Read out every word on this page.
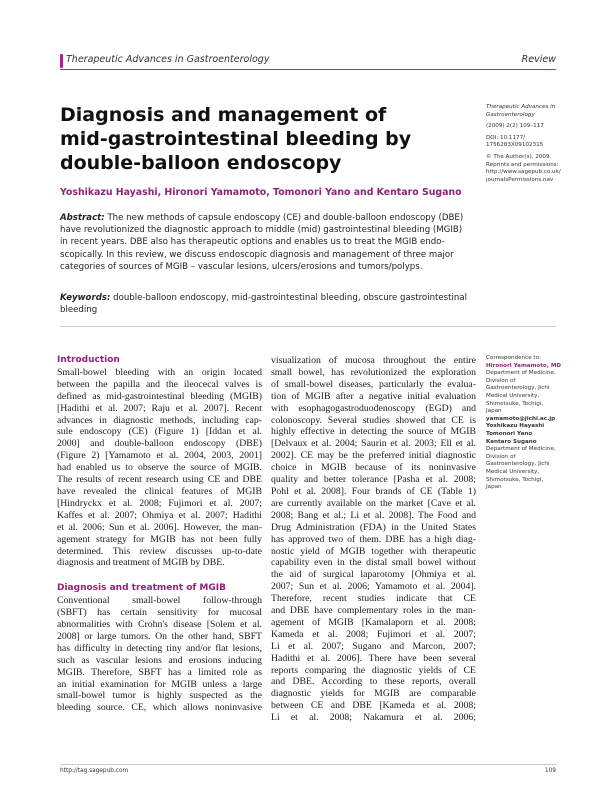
Therapeutic Advances in Gastroenterology	Review
Diagnosis and management of
mid-gastrointestinal bleeding by
double-balloon endoscopy
Therapeutic Advances in
Gastroenterology
(2009) 2(2) 109–117
DOI: 10.1177/
1756283X09102315
© The Author(s), 2009.
Reprints and permissions:
http://www.sagepub.co.uk/
journalsPermissions.nav
Yoshikazu Hayashi, Hironori Yamamoto, Tomonori Yano and Kentaro Sugano
Abstract: The new methods of capsule endoscopy (CE) and double-balloon endoscopy (DBE)
have revolutionized the diagnostic approach to middle (mid) gastrointestinal bleeding (MGIB)
in recent years. DBE also has therapeutic options and enables us to treat the MGIB endo-
scopically. In this review, we discuss endoscopic diagnosis and management of three major
categories of sources of MGIB – vascular lesions, ulcers/erosions and tumors/polyps.
Keywords: double-balloon endoscopy, mid-gastrointestinal bleeding, obscure gastrointestinal
bleeding
Introduction
Small-bowel bleeding with an origin located
between the papilla and the ileocecal valves is
defined as mid-gastrointestinal bleeding (MGIB)
[Hadithi et al. 2007; Raju et al. 2007]. Recent
advances in diagnostic methods, including cap-
sule endoscopy (CE) (Figure 1) [Iddan et al.
2000] and double-balloon endoscopy (DBE)
(Figure 2) [Yamamoto et al. 2004, 2003, 2001]
had enabled us to observe the source of MGIB.
The results of recent research using CE and DBE
have revealed the clinical features of MGIB
[Hindryckx et al. 2008; Fujimori et al. 2007;
Kaffes et al. 2007; Ohmiya et al. 2007; Hadithi
et al. 2006; Sun et al. 2006]. However, the man-
agement strategy for MGIB has not been fully
determined. This review discusses up-to-date
diagnosis and treatment of MGIB by DBE.
Diagnosis and treatment of MGIB
Conventional small-bowel follow-through
(SBFT) has certain sensitivity for mucosal
abnormalities with Crohn's disease [Solem et al.
2008] or large tumors. On the other hand, SBFT
has difficulty in detecting tiny and/or flat lesions,
such as vascular lesions and erosions inducing
MGIB. Therefore, SBFT has a limited role as
an initial examination for MGIB unless a large
small-bowel tumor is highly suspected as the
bleeding source. CE, which allows noninvasive
visualization of mucosa throughout the entire
small bowel, has revolutionized the exploration
of small-bowel diseases, particularly the evalua-
tion of MGIB after a negative initial evaluation
with esophagogastroduodenoscopy (EGD) and
colonoscopy. Several studies showed that CE is
highly effective in detecting the source of MGIB
[Delvaux et al. 2004; Saurin et al. 2003; Ell et al.
2002]. CE may be the preferred initial diagnostic
choice in MGIB because of its noninvasive
quality and better tolerance [Pasha et al. 2008;
Pohl et al. 2008]. Four brands of CE (Table 1)
are currently available on the market [Cave et al.
2008; Bang et al.; Li et al. 2008]. The Food and
Drug Administration (FDA) in the United States
has approved two of them. DBE has a high diag-
nostic yield of MGIB together with therapeutic
capability even in the distal small bowel without
the aid of surgical laparotomy [Ohmiya et al.
2007; Sun et al. 2006; Yamamoto et al. 2004].
Therefore, recent studies indicate that CE
and DBE have complementary roles in the man-
agement of MGIB [Kamalaporn et al. 2008;
Kameda et al. 2008; Fujimori et al. 2007;
Li et al. 2007; Sugano and Marcon, 2007;
Hadithi et al. 2006]. There have been several
reports comparing the diagnostic yields of CE
and DBE. According to these reports, overall
diagnostic yields for MGIB are comparable
between CE and DBE [Kameda et al. 2008;
Li et al. 2008; Nakamura et al. 2006;
Correspondence to:
Hironori Yamamoto, MD
Department of Medicine,
Division of
Gastroenterology, Jichi
Medical University,
Shimotsuke, Tochigi,
Japan
yamamoto@jichi.ac.jp
Yoshikazu Hayashi
Tomonori Yano
Kentaro Sugano
Department of Medicine,
Division of
Gastroenterology, Jichi
Medical University,
Shimotsuke, Tochigi,
Japan
http://tag.sagepub.com	109
